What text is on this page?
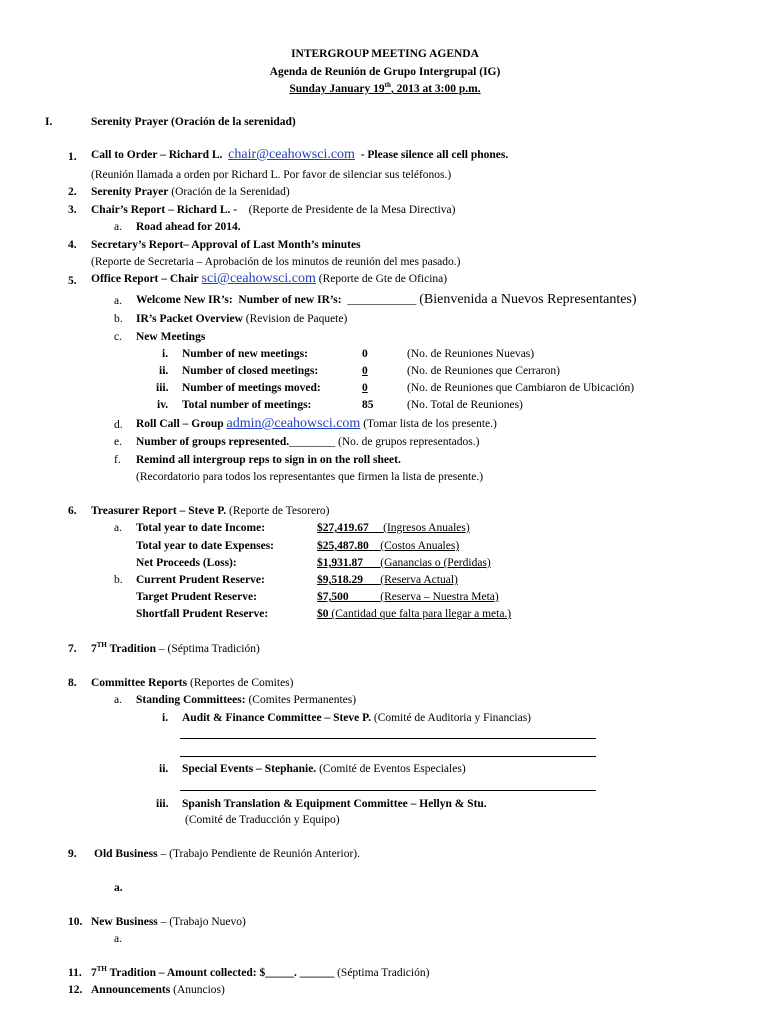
INTERGROUP MEETING AGENDA
Agenda de Reunión de Grupo Intergrupal (IG)
Sunday January 19th, 2013 at 3:00 p.m.
I.	Serenity Prayer (Oración de la serenidad)
1. Call to Order – Richard L. chair@ceahowsci.com - Please silence all cell phones.
(Reunión llamada a orden por Richard L. Por favor de silenciar sus teléfonos.)
2. Serenity Prayer (Oración de la Serenidad)
3. Chair’s Report – Richard L. - (Reporte de Presidente de la Mesa Directiva)
a. Road ahead for 2014.
4. Secretary’s Report– Approval of Last Month’s minutes
(Reporte de Secretaria – Aprobación de los minutos de reunión del mes pasado.)
5. Office Report – Chair sci@ceahowsci.com (Reporte de Gte de Oficina)
a. Welcome New IR’s: Number of new IR’s: ____________ (Bienvenida a Nuevos Representantes)
b. IR’s Packet Overview (Revision de Paquete)
c. New Meetings
i. Number of new meetings:	0	(No. de Reuniones Nuevas)
ii. Number of closed meetings:	0	(No. de Reuniones que Cerraron)
iii. Number of meetings moved:	0	(No. de Reuniones que Cambiaron de Ubicación)
iv. Total number of meetings:	85	(No. Total de Reuniones)
d. Roll Call – Group admin@ceahowsci.com (Tomar lista de los presente.)
e. Number of groups represented.________ (No. de grupos representados.)
f. Remind all intergroup reps to sign in on the roll sheet.
(Recordatorio para todos los representantes que firmen la lista de presente.)
6. Treasurer Report – Steve P. (Reporte de Tesorero)
a. Total year to date Income:	$27,419.67 (Ingresos Anuales)
Total year to date Expenses:	$25,487.80 (Costos Anuales)
Net Proceeds (Loss):	$1,931.87 (Ganancias o (Perdidas)
b. Current Prudent Reserve:	$9,518.29 (Reserva Actual)
Target Prudent Reserve:	$7,500	(Reserva – Nuestra Meta)
Shortfall Prudent Reserve:	$0 (Cantidad que falta para llegar a meta.)
7. 7TH Tradition – (Séptima Tradición)
8. Committee Reports (Reportes de Comites)
a. Standing Committees: (Comites Permanentes)
i. Audit & Finance Committee – Steve P. (Comité de Auditoria y Financias)
ii. Special Events – Stephanie. (Comité de Eventos Especiales)
iii. Spanish Translation & Equipment Committee – Hellyn & Stu.
(Comité de Traducción y Equipo)
9. Old Business – (Trabajo Pendiente de Reunión Anterior).
a.
10. New Business – (Trabajo Nuevo)
a.
11. 7TH Tradition – Amount collected: $_____. ______ (Séptima Tradición)
12. Announcements (Anuncios)
